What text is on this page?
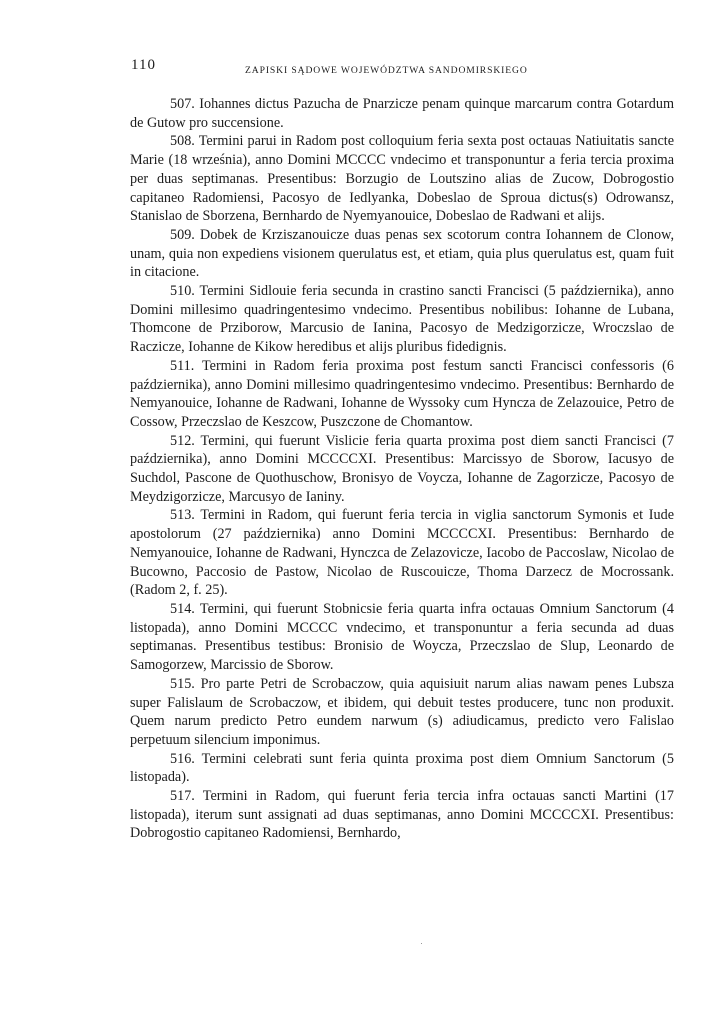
110	ZAPISKI SĄDOWE WOJEWÓDZTWA SANDOMIRSKIEGO

507. Iohannes dictus Pazucha de Pnarzicze penam quinque marcarum contra Gotardum de Gutow pro succensione.

508. Termini parui in Radom post colloquium feria sexta post octauas Natiuitatis sancte Marie (18 września), anno Domini MCCCC vndecimo et transponuntur a feria tercia proxima per duas septimanas. Presentibus: Borzugio de Loutszino alias de Zucow, Dobrogostio capitaneo Radomiensi, Pacosyo de Iedlyanka, Dobeslao de Sproua dictus(s) Odrowansz, Stanislao de Sborzena, Bernhardo de Nyemyanouice, Dobeslao de Radwani et alijs.

509. Dobek de Krziszanouicze duas penas sex scotorum contra Iohannem de Clonow, unam, quia non expediens visionem querulatus est, et etiam, quia plus querulatus est, quam fuit in citacione.

510. Termini Sidlouie feria secunda in crastino sancti Francisci (5 października), anno Domini millesimo quadringentesimo vndecimo. Presentibus nobilibus: Iohanne de Lubana, Thomcone de Prziborow, Marcusio de Ianina, Pacosyo de Medzigorzicze, Wroczslao de Raczicze, Iohanne de Kikow heredibus et alijs pluribus fidedignis.

511. Termini in Radom feria proxima post festum sancti Francisci confessoris (6 października), anno Domini millesimo quadringentesimo vndecimo. Presentibus: Bernhardo de Nemyanouice, Iohanne de Radwani, Iohanne de Wyssoky cum Hyncza de Zelazouice, Petro de Cossow, Przeczslao de Keszcow, Puszczone de Chomantow.

512. Termini, qui fuerunt Vislicie feria quarta proxima post diem sancti Francisci (7 października), anno Domini MCCCCXI. Presentibus: Marcissyo de Sborow, Iacusyo de Suchdol, Pascone de Quothuschow, Bronisyo de Voycza, Iohanne de Zagorzicze, Pacosyo de Meydzigorzicze, Marcusyo de Ianiny.

513. Termini in Radom, qui fuerunt feria tercia in viglia sanctorum Symonis et Iude apostolorum (27 października) anno Domini MCCCCXI. Presentibus: Bernhardo de Nemyanouice, Iohanne de Radwani, Hynczca de Zelazovicze, Iacobo de Paccoslaw, Nicolao de Bucowno, Paccosio de Pastow, Nicolao de Ruscouicze, Thoma Darzecz de Mocrossank. (Radom 2, f. 25).

514. Termini, qui fuerunt Stobnicsie feria quarta infra octauas Omnium Sanctorum (4 listopada), anno Domini MCCCC vndecimo, et transponuntur a feria secunda ad duas septimanas. Presentibus testibus: Bronisio de Woycza, Przeczslao de Slup, Leonardo de Samogorzew, Marcissio de Sborow.

515. Pro parte Petri de Scrobaczow, quia aquisiuit narum alias nawam penes Lubsza super Falislaum de Scrobaczow, et ibidem, qui debuit testes producere, tunc non produxit. Quem narum predicto Petro eundem narwum (s) adiudicamus, predicto vero Falislao perpetuum silencium imponimus.

516. Termini celebrati sunt feria quinta proxima post diem Omnium Sanctorum (5 listopada).

517. Termini in Radom, qui fuerunt feria tercia infra octauas sancti Martini (17 listopada), iterum sunt assignati ad duas septimanas, anno Domini MCCCCXI. Presentibus: Dobrogostio capitaneo Radomiensi, Bernhardo,
